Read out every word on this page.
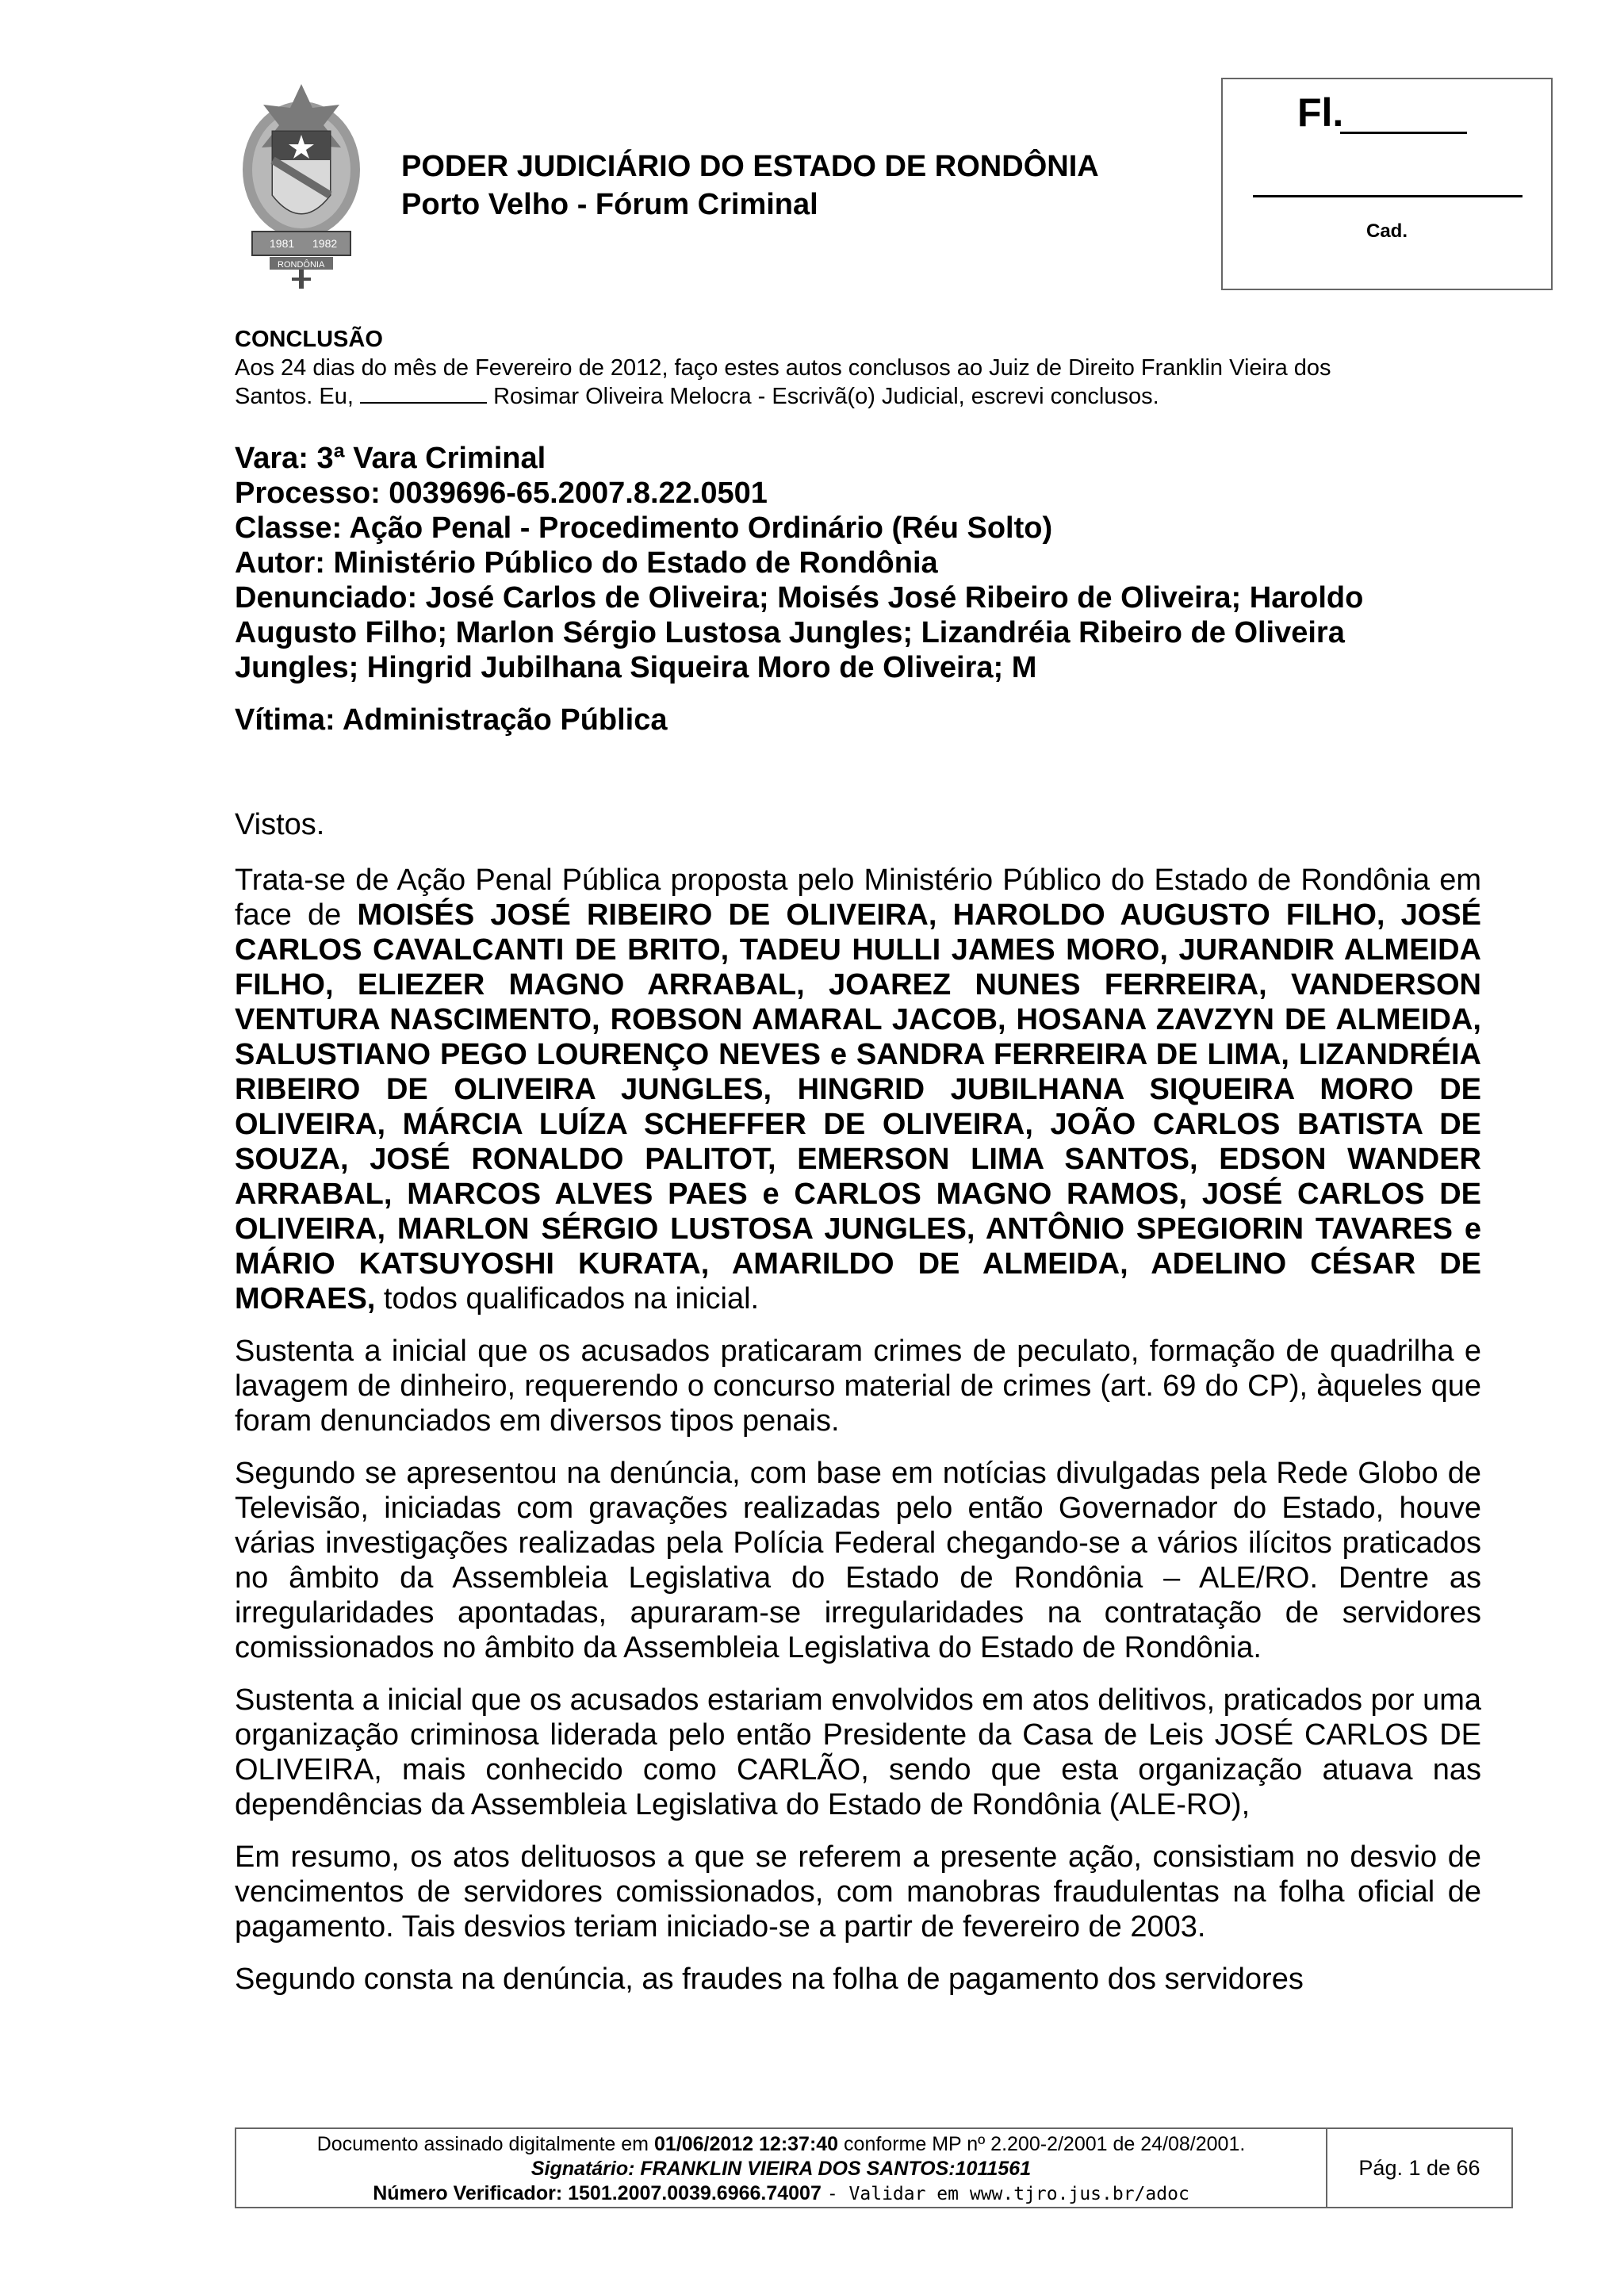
1981 1982
RONDÔNIA
PODER JUDICIÁRIO DO ESTADO DE RONDÔNIA
Porto Velho - Fórum Criminal
Fl.
Cad.
CONCLUSÃO
Aos 24 dias do mês de Fevereiro de 2012, faço estes autos conclusos ao Juiz de Direito Franklin Vieira dos
Santos. Eu,	Rosimar Oliveira Melocra - Escrivã(o) Judicial, escrevi conclusos.
Vara: 3ª Vara Criminal
Processo: 0039696-65.2007.8.22.0501
Classe: Ação Penal - Procedimento Ordinário (Réu Solto)
Autor: Ministério Público do Estado de Rondônia
Denunciado: José Carlos de Oliveira; Moisés José Ribeiro de Oliveira; Haroldo
Augusto Filho; Marlon Sérgio Lustosa Jungles; Lizandréia Ribeiro de Oliveira
Jungles; Hingrid Jubilhana Siqueira Moro de Oliveira; M
Vítima: Administração Pública

Vistos.

Trata-se de Ação Penal Pública proposta pelo Ministério Público do Estado de Rondônia em face de MOISÉS JOSÉ RIBEIRO DE OLIVEIRA, HAROLDO AUGUSTO FILHO, JOSÉ CARLOS CAVALCANTI DE BRITO, TADEU HULLI JAMES MORO, JURANDIR ALMEIDA FILHO, ELIEZER MAGNO ARRABAL, JOAREZ NUNES FERREIRA, VANDERSON VENTURA NASCIMENTO, ROBSON AMARAL JACOB, HOSANA ZAVZYN DE ALMEIDA, SALUSTIANO PEGO LOURENÇO NEVES e SANDRA FERREIRA DE LIMA, LIZANDRÉIA RIBEIRO DE OLIVEIRA JUNGLES, HINGRID JUBILHANA SIQUEIRA MORO DE OLIVEIRA, MÁRCIA LUÍZA SCHEFFER DE OLIVEIRA, JOÃO CARLOS BATISTA DE SOUZA, JOSÉ RONALDO PALITOT, EMERSON LIMA SANTOS, EDSON WANDER ARRABAL, MARCOS ALVES PAES e CARLOS MAGNO RAMOS, JOSÉ CARLOS DE OLIVEIRA, MARLON SÉRGIO LUSTOSA JUNGLES, ANTÔNIO SPEGIORIN TAVARES e MÁRIO KATSUYOSHI KURATA, AMARILDO DE ALMEIDA, ADELINO CÉSAR DE MORAES, todos qualificados na inicial.

Sustenta a inicial que os acusados praticaram crimes de peculato, formação de quadrilha e lavagem de dinheiro, requerendo o concurso material de crimes (art. 69 do CP), àqueles que foram denunciados em diversos tipos penais.

Segundo se apresentou na denúncia, com base em notícias divulgadas pela Rede Globo de Televisão, iniciadas com gravações realizadas pelo então Governador do Estado, houve várias investigações realizadas pela Polícia Federal chegando-se a vários ilícitos praticados no âmbito da Assembleia Legislativa do Estado de Rondônia – ALE/RO. Dentre as irregularidades apontadas, apuraram-se irregularidades na contratação de servidores comissionados no âmbito da Assembleia Legislativa do Estado de Rondônia.

Sustenta a inicial que os acusados estariam envolvidos em atos delitivos, praticados por uma organização criminosa liderada pelo então Presidente da Casa de Leis JOSÉ CARLOS DE OLIVEIRA, mais conhecido como CARLÃO, sendo que esta organização atuava nas dependências da Assembleia Legislativa do Estado de Rondônia (ALE-RO),

Em resumo, os atos delituosos a que se referem a presente ação, consistiam no desvio de vencimentos de servidores comissionados, com manobras fraudulentas na folha oficial de pagamento. Tais desvios teriam iniciado-se a partir de fevereiro de 2003.

Segundo consta na denúncia, as fraudes na folha de pagamento dos servidores

Documento assinado digitalmente em 01/06/2012 12:37:40 conforme MP nº 2.200-2/2001 de 24/08/2001.
Signatário: FRANKLIN VIEIRA DOS SANTOS:1011561
Número Verificador: 1501.2007.0039.6966.74007 - Validar em www.tjro.jus.br/adoc
Pág. 1 de 66
